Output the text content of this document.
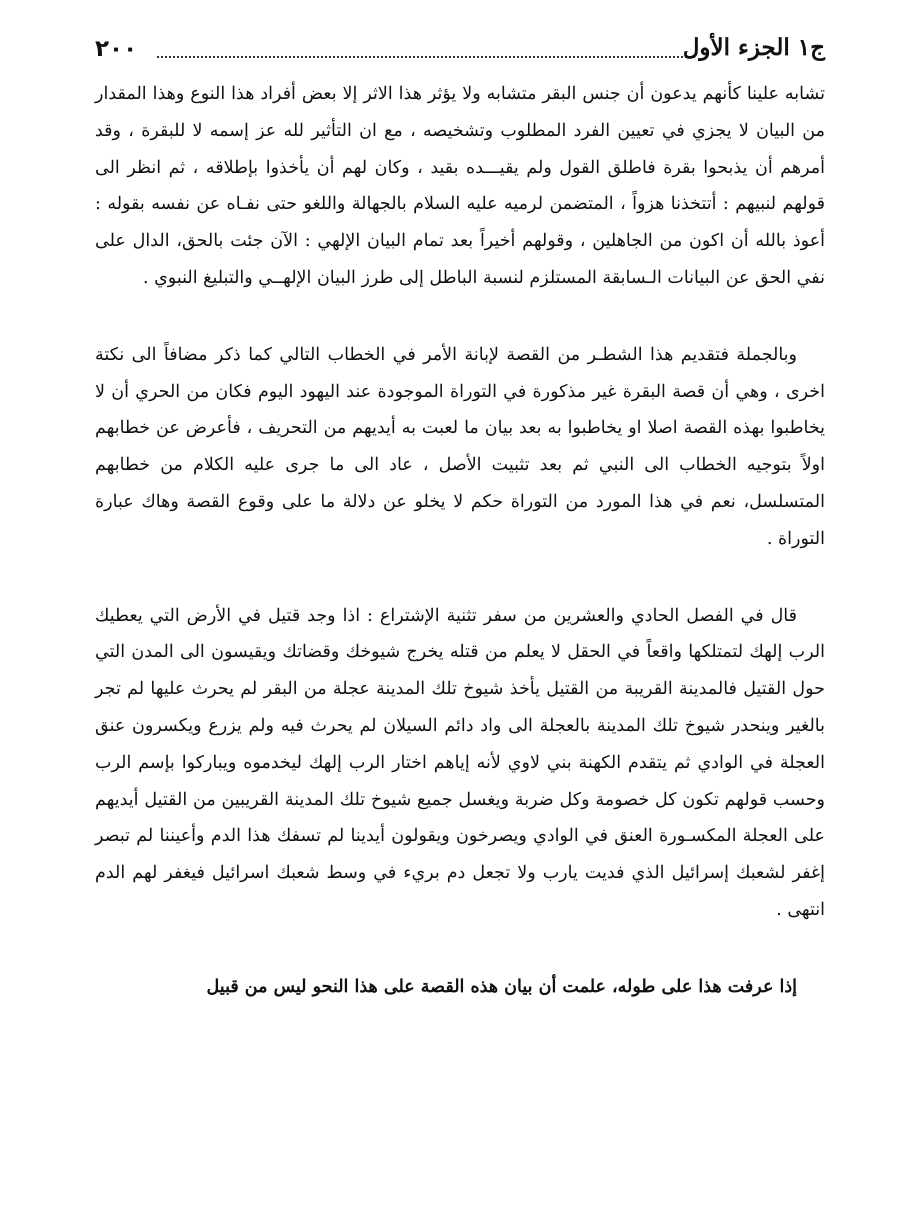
٢٠٠	ج١ الجزء الأول

تشابه علينا كأنهم يدعون أن جنس البقر متشابه ولا يؤثر هذا الاثر إلا بعض أفراد هذا النوع وهذا المقدار من البيان لا يجزي في تعيين الفرد المطلوب وتشخيصه ، مع ان التأثير لله عز إسمه لا للبقرة ، وقد أمرهم أن يذبحوا بقرة فاطلق القول ولم يقيـــده بقيد ، وكان لهم أن يأخذوا بإطلاقه ، ثم انظر الى قولهم لنبيهم : أتتخذنا هزواً ، المتضمن لرميه عليه السلام بالجهالة واللغو حتى نفـاه عن نفسه بقوله : أعوذ بالله أن اكون من الجاهلين ، وقولهم أخيراً بعد تمام البيان الإلهي : الآن جئت بالحق، الدال على نفي الحق عن البيانات الـسابقة المستلزم لنسبة الباطل إلى طرز البيان الإلهــي والتبليغ النبوي .

وبالجملة فتقديم هذا الشطـر من القصة لإبانة الأمر في الخطاب التالي كما ذكر مضافاً الى نكتة اخرى ، وهي أن قصة البقرة غير مذكورة في التوراة الموجودة عند اليهود اليوم فكان من الحري أن لا يخاطبوا بهذه القصة اصلا او يخاطبوا به بعد بيان ما لعبت به أيديهم من التحريف ، فأعرض عن خطابهم اولاً بتوجيه الخطاب الى النبي ثم بعد تثبيت الأصل ، عاد الى ما جرى عليه الكلام من خطابهم المتسلسل، نعم في هذا المورد من التوراة حكم لا يخلو عن دلالة ما على وقوع القصة وهاك عبارة التوراة .

قال في الفصل الحادي والعشرين من سفر تثنية الإشتراع : اذا وجد قتيل في الأرض التي يعطيك الرب إلهك لتمتلكها واقعاً في الحقل لا يعلم من قتله يخرج شيوخك وقضاتك ويقيسون الى المدن التي حول القتيل فالمدينة القريبة من القتيل يأخذ شيوخ تلك المدينة عجلة من البقر لم يحرث عليها لم تجر بالغير وينحدر شيوخ تلك المدينة بالعجلة الى واد دائم السيلان لم يحرث فيه ولم يزرع ويكسرون عنق العجلة في الوادي ثم يتقدم الكهنة بني لاوي لأنه إياهم اختار الرب إلهك ليخدموه ويباركوا بإسم الرب وحسب قولهم تكون كل خصومة وكل ضربة ويغسل جميع شيوخ تلك المدينة القريبين من القتيل أيديهم على العجلة المكسـورة العنق في الوادي ويصرخون ويقولون أيدينا لم تسفك هذا الدم وأعيننا لم تبصر إغفر لشعبك إسرائيل الذي فديت يارب ولا تجعل دم بريء في وسط شعبك اسرائيل فيغفر لهم الدم انتهى .

إذا عرفت هذا على طوله، علمت أن بيان هذه القصة على هذا النحو ليس من قبيل
